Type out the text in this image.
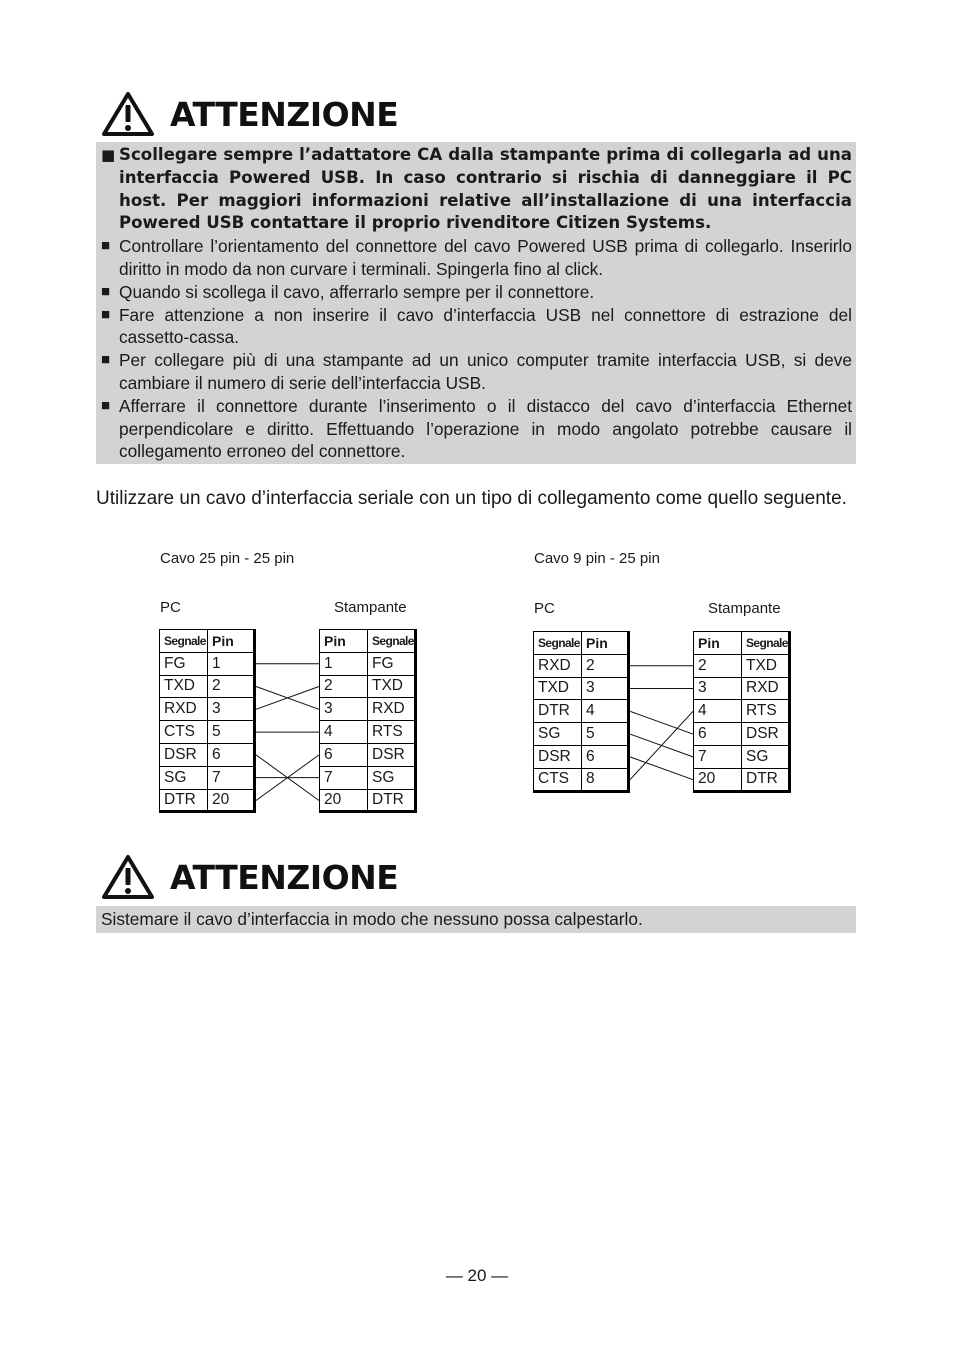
ATTENZIONE
■ Scollegare sempre l’adattatore CA dalla stampante prima di collegarla ad una interfaccia Powered USB. In caso contrario si rischia di danneggiare il PC host. Per maggiori informazioni relative all’installazione di una interfaccia Powered USB contattare il proprio rivenditore Citizen Systems.
■ Controllare l’orientamento del connettore del cavo Powered USB prima di collegarlo. Inserirlo diritto in modo da non curvare i terminali. Spingerla fino al click.
■ Quando si scollega il cavo, afferrarlo sempre per il connettore.
■ Fare attenzione a non inserire il cavo d’interfaccia USB nel connettore di estrazione del cassetto-cassa.
■ Per collegare più di una stampante ad un unico computer tramite interfaccia USB, si deve cambiare il numero di serie dell’interfaccia USB.
■ Afferrare il connettore durante l’inserimento o il distacco del cavo d’interfaccia Ethernet perpendicolare e diritto. Effettuando l’operazione in modo angolato potrebbe causare il collegamento erroneo del connettore.
Utilizzare un cavo d’interfaccia seriale con un tipo di collegamento come quello seguente.
Cavo 25 pin - 25 pin
PC	Stampante
Segnale	Pin
FG	1
TXD	2
RXD	3
CTS	5
DSR	6
SG	7
DTR	20
Pin	Segnale
1	FG
2	TXD
3	RXD
4	RTS
6	DSR
7	SG
20	DTR
Cavo 9 pin - 25 pin
PC	Stampante
Segnale	Pin
RXD	2
TXD	3
DTR	4
SG	5
DSR	6
CTS	8
Pin	Segnale
2	TXD
3	RXD
4	RTS
6	DSR
7	SG
20	DTR
ATTENZIONE
Sistemare il cavo d’interfaccia in modo che nessuno possa calpestarlo.
— 20 —
